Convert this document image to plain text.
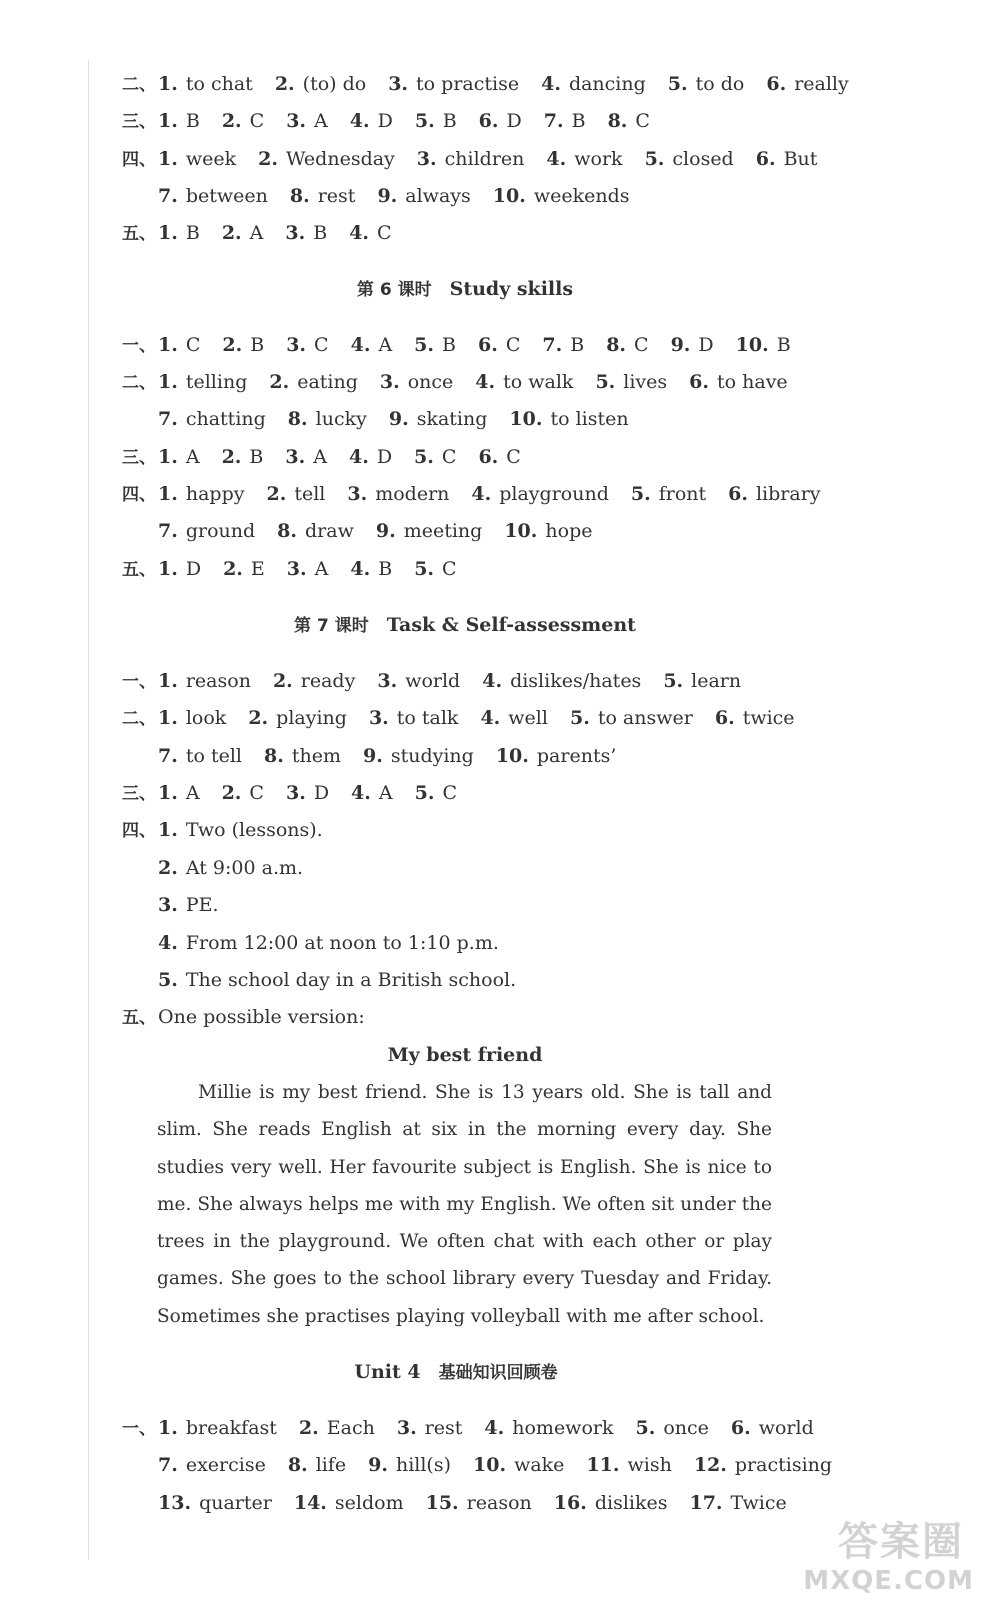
二、 1. to chat 2. (to) do 3. to practise 4. dancing 5. to do 6. really
三、 1. B 2. C 3. A 4. D 5. B 6. D 7. B 8. C
四、 1. week 2. Wednesday 3. children 4. work 5. closed 6. But
7. between 8. rest 9. always 10. weekends
五、 1. B 2. A 3. B 4. C
第 6 课时 Study skills
一、 1. C 2. B 3. C 4. A 5. B 6. C 7. B 8. C 9. D 10. B
二、 1. telling 2. eating 3. once 4. to walk 5. lives 6. to have
7. chatting 8. lucky 9. skating 10. to listen
三、 1. A 2. B 3. A 4. D 5. C 6. C
四、 1. happy 2. tell 3. modern 4. playground 5. front 6. library
7. ground 8. draw 9. meeting 10. hope
五、 1. D 2. E 3. A 4. B 5. C
第 7 课时 Task & Self-assessment
一、 1. reason 2. ready 3. world 4. dislikes/hates 5. learn
二、 1. look 2. playing 3. to talk 4. well 5. to answer 6. twice
7. to tell 8. them 9. studying 10. parents’
三、 1. A 2. C 3. D 4. A 5. C
四、 1. Two (lessons).
2. At 9:00 a.m.
3. PE.
4. From 12:00 at noon to 1:10 p.m.
5. The school day in a British school.
五、 One possible version:
My best friend
Millie is my best friend. She is 13 years old. She is tall and slim. She reads English at six in the morning every day. She studies very well. Her favourite subject is English. She is nice to me. She always helps me with my English. We often sit under the trees in the playground. We often chat with each other or play games. She goes to the school library every Tuesday and Friday. Sometimes she practises playing volleyball with me after school.
Unit 4 基础知识回顾卷
一、 1. breakfast 2. Each 3. rest 4. homework 5. once 6. world
7. exercise 8. life 9. hill(s) 10. wake 11. wish 12. practising
13. quarter 14. seldom 15. reason 16. dislikes 17. Twice
答案圈
MXQE.COM
